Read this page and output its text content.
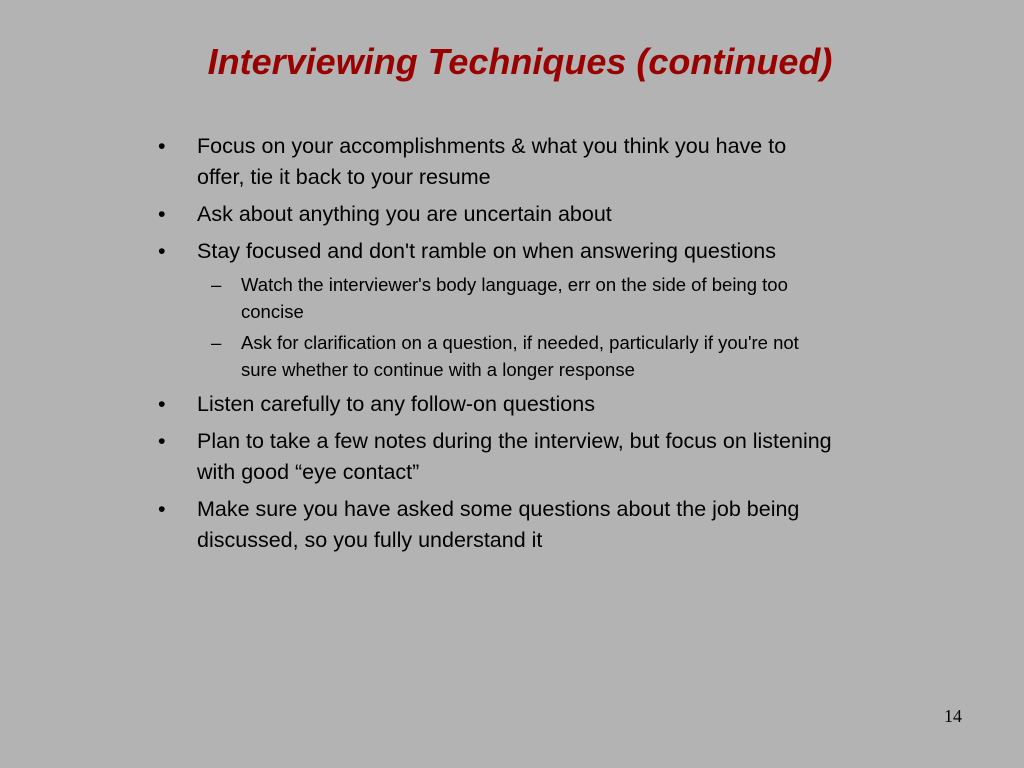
Interviewing Techniques (continued)
• Focus on your accomplishments & what you think you have to offer, tie it back to your resume
• Ask about anything you are uncertain about
• Stay focused and don't ramble on when answering questions
– Watch the interviewer's body language, err on the side of being too concise
– Ask for clarification on a question, if needed, particularly if you're not sure whether to continue with a longer response
• Listen carefully to any follow-on questions
• Plan to take a few notes during the interview, but focus on listening with good “eye contact”
• Make sure you have asked some questions about the job being discussed, so you fully understand it
14
